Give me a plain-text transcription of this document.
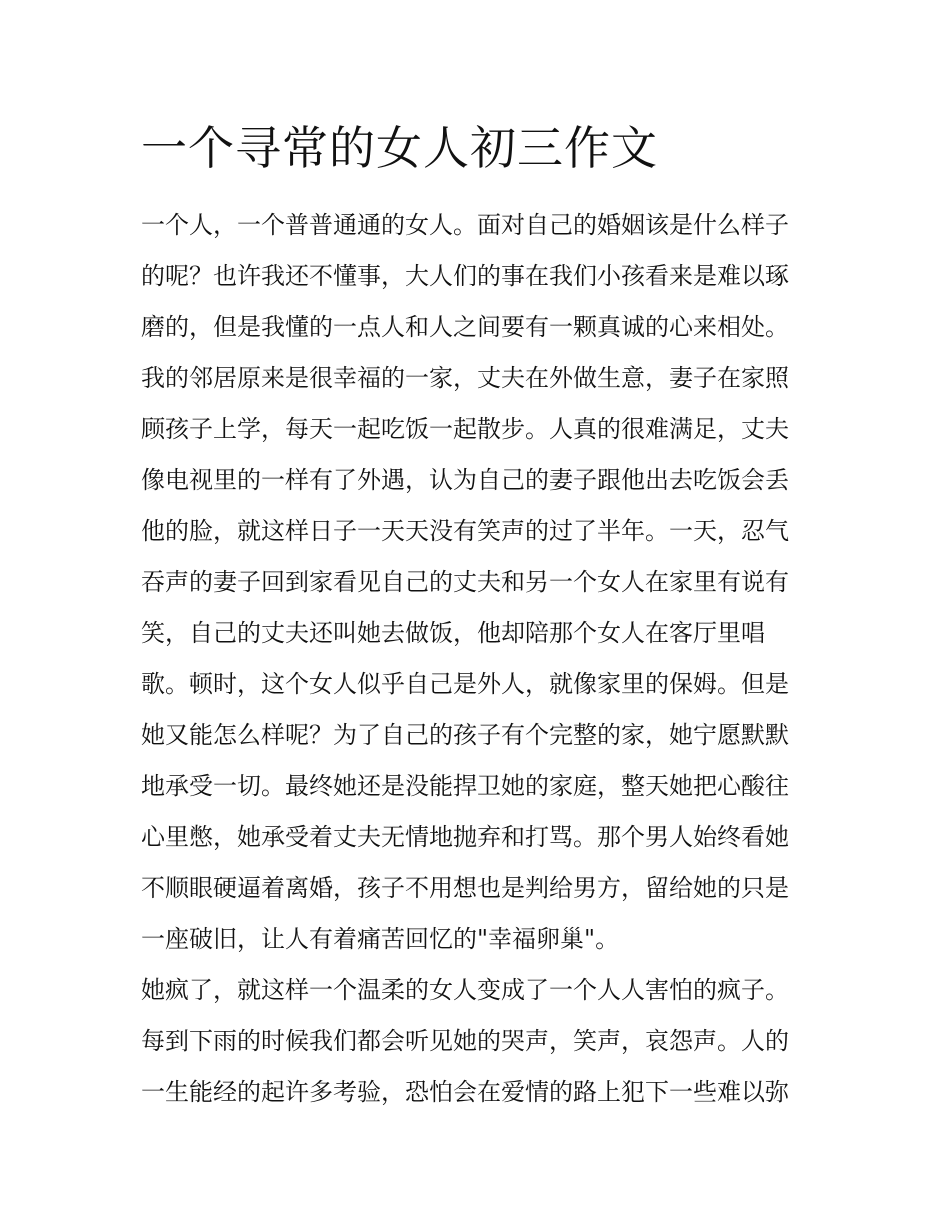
一个寻常的女人初三作文
一个人，一个普普通通的女人。面对自己的婚姻该是什么样子
的呢？也许我还不懂事，大人们的事在我们小孩看来是难以琢
磨的，但是我懂的一点人和人之间要有一颗真诚的心来相处。
我的邻居原来是很幸福的一家，丈夫在外做生意，妻子在家照
顾孩子上学，每天一起吃饭一起散步。人真的很难满足，丈夫
像电视里的一样有了外遇，认为自己的妻子跟他出去吃饭会丢
他的脸，就这样日子一天天没有笑声的过了半年。一天，忍气
吞声的妻子回到家看见自己的丈夫和另一个女人在家里有说有
笑，自己的丈夫还叫她去做饭，他却陪那个女人在客厅里唱
歌。顿时，这个女人似乎自己是外人，就像家里的保姆。但是
她又能怎么样呢？为了自己的孩子有个完整的家，她宁愿默默
地承受一切。最终她还是没能捍卫她的家庭，整天她把心酸往
心里憋，她承受着丈夫无情地抛弃和打骂。那个男人始终看她
不顺眼硬逼着离婚，孩子不用想也是判给男方，留给她的只是
一座破旧，让人有着痛苦回忆的"幸福卵巢"。
她疯了，就这样一个温柔的女人变成了一个人人害怕的疯子。
每到下雨的时候我们都会听见她的哭声，笑声，哀怨声。人的
一生能经的起许多考验，恐怕会在爱情的路上犯下一些难以弥
